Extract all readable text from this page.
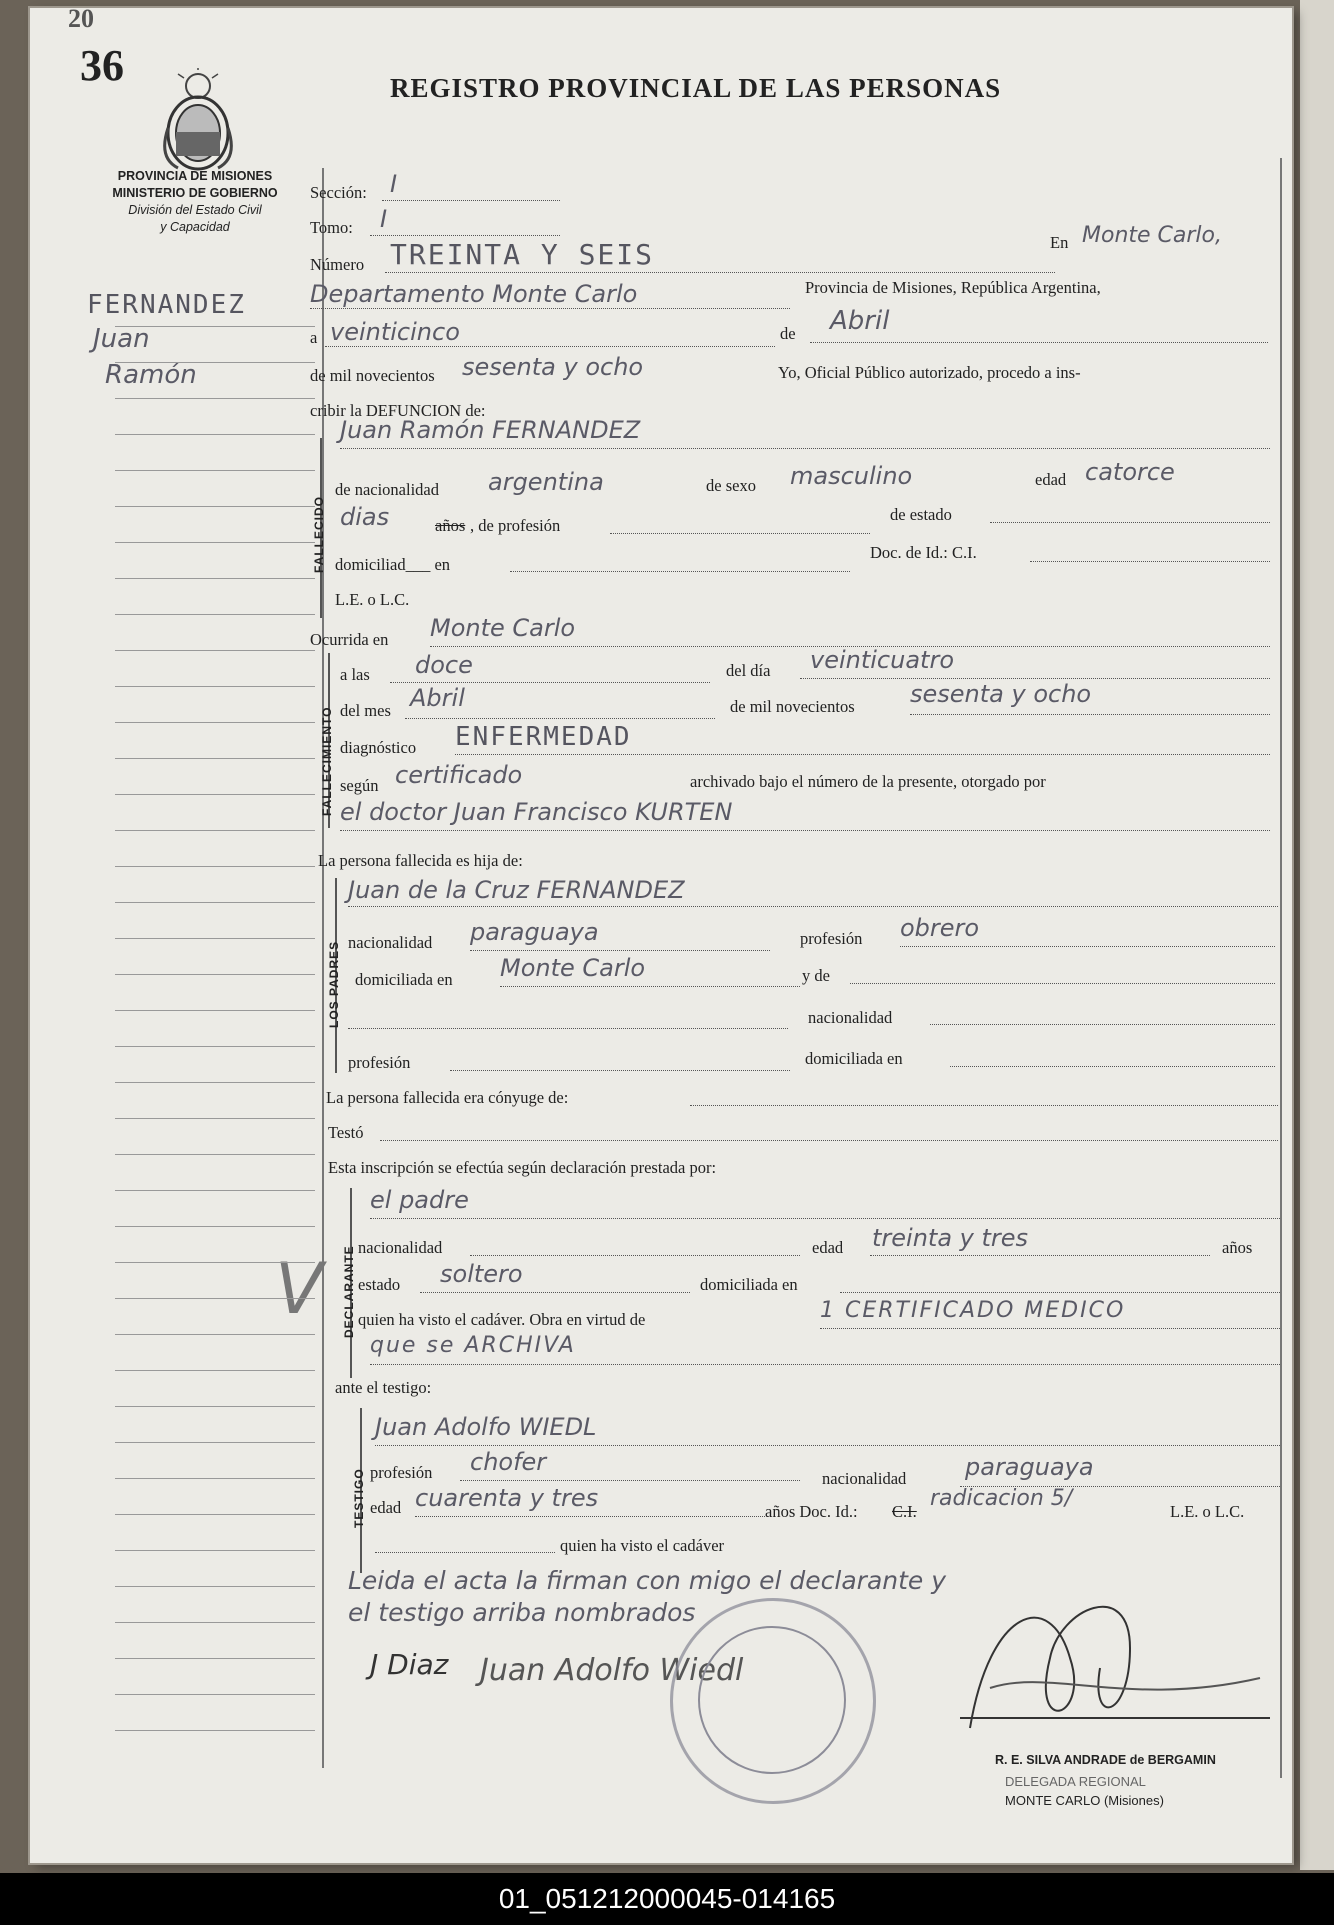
20
36	REGISTRO PROVINCIAL DE LAS PERSONAS
PROVINCIA DE MISIONES
MINISTERIO DE GOBIERNO
División del Estado Civil
y Capacidad
FERNANDEZ
Juan
Ramón
V
Sección: I
Tomo: I
Número TREINTA Y SEIS	En Monte Carlo,
Departamento Monte Carlo	Provincia de Misiones, República Argentina,
a veinticinco	de Abril
de mil novecientos sesenta y ocho	Yo, Oficial Público autorizado, procedo a ins-
cribir la DEFUNCION de:
FALLECIDO
Juan Ramón FERNANDEZ
de nacionalidad argentina	de sexo masculino	edad catorce
dias	años , de profesión
de estado
domiciliad___ en
Doc. de Id.: C.I.
L.E. o L.C.
Ocurrida en Monte Carlo
FALLECIMIENTO
a las doce	del día veinticuatro
del mes Abril	de mil novecientos sesenta y ocho
diagnóstico ENFERMEDAD
según certificado	archivado bajo el número de la presente, otorgado por
el doctor Juan Francisco KURTEN
La persona fallecida es hija de:
LOS PADRES
Juan de la Cruz FERNANDEZ
nacionalidad paraguaya	profesión obrero
domiciliada en Monte Carlo	y de
nacionalidad
profesión	domiciliada en
La persona fallecida era cónyuge de:
Testó
Esta inscripción se efectúa según declaración prestada por:
DECLARANTE
el padre
nacionalidad	edad treinta y tres	años
estado soltero	domiciliada en
quien ha visto el cadáver. Obra en virtud de	1 CERTIFICADO MEDICO
que se ARCHIVA
ante el testigo:
TESTIGO
Juan Adolfo WIEDL
profesión chofer
nacionalidad paraguaya
edad cuarenta y tres	años Doc. Id.: C.I.
radicacion 5/
L.E. o L.C.
quien ha visto el cadáver
Leida el acta la firman con migo el declarante y
el testigo arriba nombrados
J Diaz Juan Adolfo Wiedl
R. E. SILVA ANDRADE de BERGAMIN
DELEGADA REGIONAL
MONTE CARLO (Misiones)
01_051212000045-014165
